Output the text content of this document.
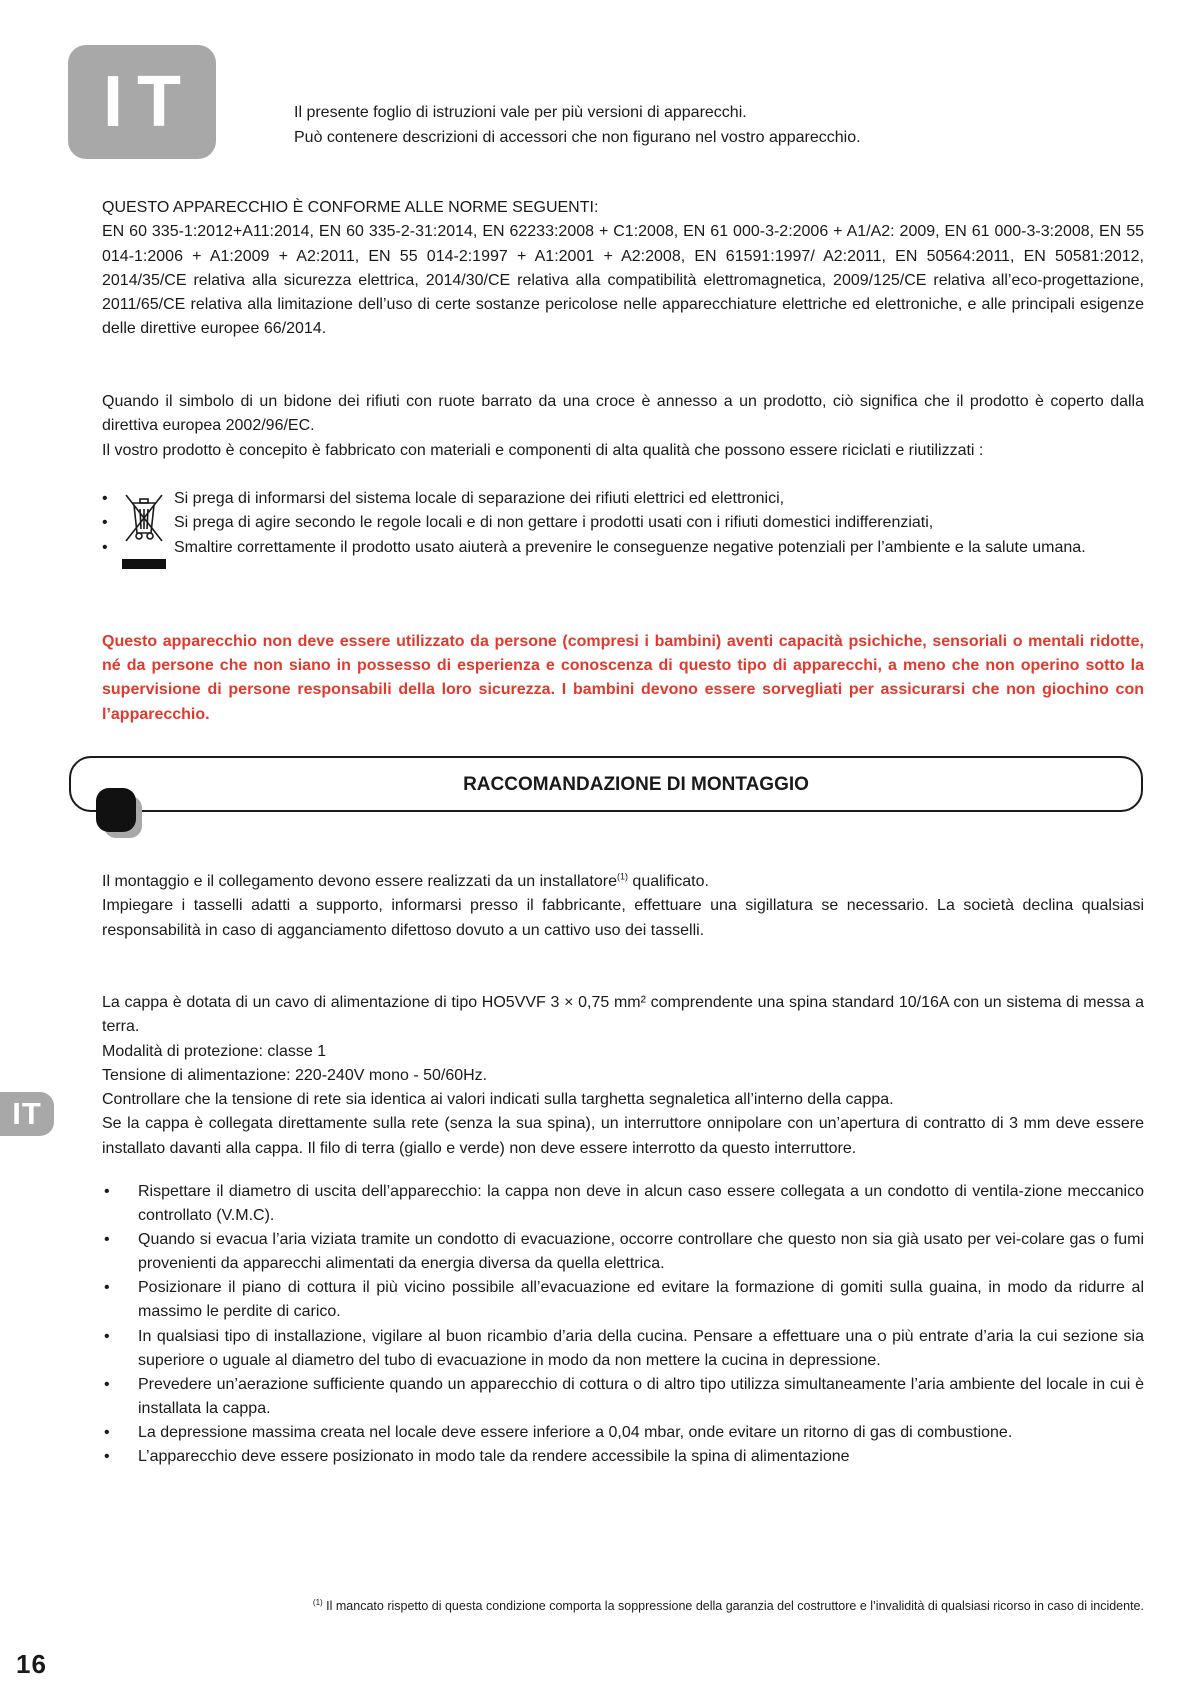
IT	Il presente foglio di istruzioni vale per più versioni di apparecchi.
Può contenere descrizioni di accessori che non figurano nel vostro apparecchio.
QUESTO APPARECCHIO È CONFORME ALLE NORME SEGUENTI:
EN 60 335-1:2012+A11:2014, EN 60 335-2-31:2014, EN 62233:2008 + C1:2008, EN 61 000-3-2:2006 + A1/A2: 2009, EN 61 000-3-3:2008, EN 55 014-1:2006 + A1:2009 + A2:2011, EN 55 014-2:1997 + A1:2001 + A2:2008, EN 61591:1997/ A2:2011, EN 50564:2011, EN 50581:2012, 2014/35/CE relativa alla sicurezza elettrica, 2014/30/CE relativa alla compatibilità elettromagnetica, 2009/125/CE relativa all’eco-progettazione, 2011/65/CE relativa alla limitazione dell’uso di certe sostanze pericolose nelle apparecchiature elettriche ed elettroniche, e alle principali esigenze delle direttive europee 66/2014.
Quando il simbolo di un bidone dei rifiuti con ruote barrato da una croce è annesso a un prodotto, ciò significa che il prodotto è coperto dalla direttiva europea 2002/96/EC.
Il vostro prodotto è concepito è fabbricato con materiali e componenti di alta qualità che possono essere riciclati e riutilizzati :
•
•
•
Si prega di informarsi del sistema locale di separazione dei rifiuti elettrici ed elettronici,
Si prega di agire secondo le regole locali e di non gettare i prodotti usati con i rifiuti domestici indifferenziati,
Smaltire correttamente il prodotto usato aiuterà a prevenire le conseguenze negative potenziali per l’ambiente e la salute umana.
Questo apparecchio non deve essere utilizzato da persone (compresi i bambini) aventi capacità psichiche, sensoriali o mentali ridotte, né da persone che non siano in possesso di esperienza e conoscenza di questo tipo di apparecchi, a meno che non operino sotto la supervisione di persone responsabili della loro sicurezza. I bambini devono essere sorvegliati per assicurarsi che non giochino con l’apparecchio.
RACCOMANDAZIONE DI MONTAGGIO
Il montaggio e il collegamento devono essere realizzati da un installatore$^{(1)}$ qualificato.
Impiegare i tasselli adatti a supporto, informarsi presso il fabbricante, effettuare una sigillatura se necessario. La società declina qualsiasi responsabilità in caso di agganciamento difettoso dovuto a un cattivo uso dei tasselli.
La cappa è dotata di un cavo di alimentazione di tipo HO5VVF 3 × 0,75 mm² comprendente una spina standard 10/16A con un sistema di messa a terra.
Modalità di protezione: classe 1
Tensione di alimentazione: 220-240V mono - 50/60Hz.
Controllare che la tensione di rete sia identica ai valori indicati sulla targhetta segnaletica all’interno della cappa.
Se la cappa è collegata direttamente sulla rete (senza la sua spina), un interruttore onnipolare con un’apertura di contratto di 3 mm deve essere installato davanti alla cappa. Il filo di terra (giallo e verde) non deve essere interrotto da questo interruttore.
• Rispettare il diametro di uscita dell’apparecchio: la cappa non deve in alcun caso essere collegata a un condotto di ventila-zione meccanico controllato (V.M.C).
• Quando si evacua l’aria viziata tramite un condotto di evacuazione, occorre controllare che questo non sia già usato per vei-colare gas o fumi provenienti da apparecchi alimentati da energia diversa da quella elettrica.
• Posizionare il piano di cottura il più vicino possibile all’evacuazione ed evitare la formazione di gomiti sulla guaina, in modo da ridurre al massimo le perdite di carico.
• In qualsiasi tipo di installazione, vigilare al buon ricambio d’aria della cucina. Pensare a effettuare una o più entrate d’aria la cui sezione sia superiore o uguale al diametro del tubo di evacuazione in modo da non mettere la cucina in depressione.
• Prevedere un’aerazione sufficiente quando un apparecchio di cottura o di altro tipo utilizza simultaneamente l’aria ambiente del locale in cui è installata la cappa.
• La depressione massima creata nel locale deve essere inferiore a 0,04 mbar, onde evitare un ritorno di gas di combustione.
• L’apparecchio deve essere posizionato in modo tale da rendere accessibile la spina di alimentazione
IT
$^{(1)}$ Il mancato rispetto di questa condizione comporta la soppressione della garanzia del costruttore e l’invalidità di qualsiasi ricorso in caso di incidente.
16
